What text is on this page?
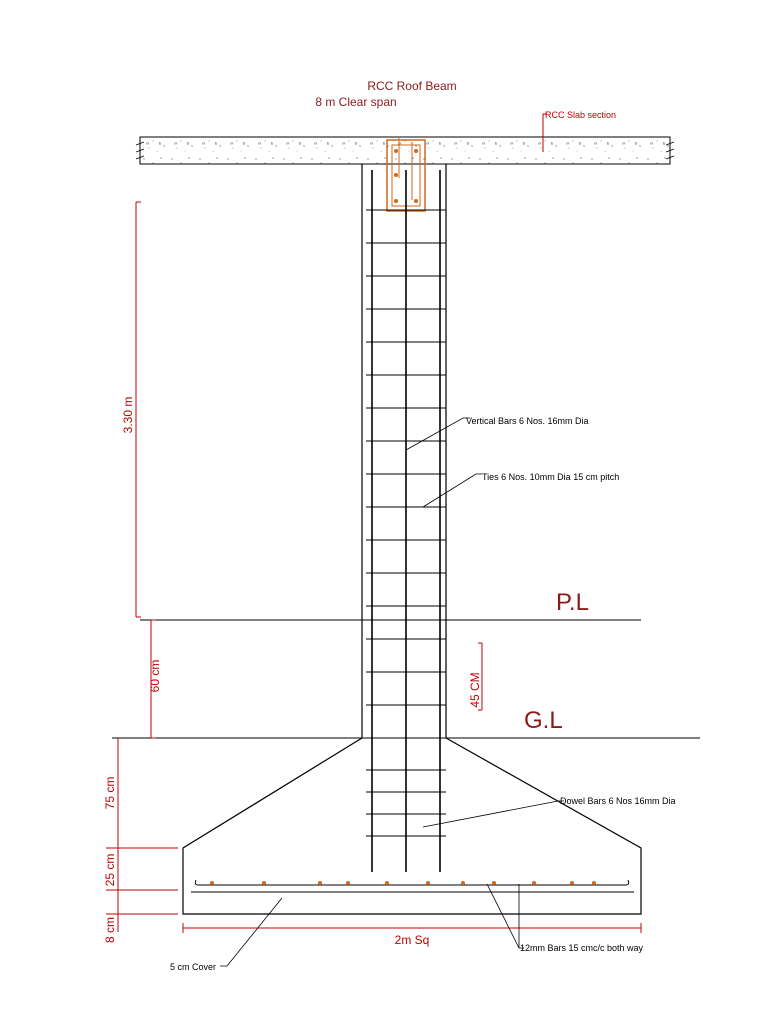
RCC Roof Beam
8 m Clear span
RCC Slab section
P.L
G.L
3.30 m
60 cm	45 CM
75 cm
25 cm
8 cm	2m Sq
Vertical Bars 6 Nos. 16mm Dia
Ties 6 Nos. 10mm Dia 15 cm pitch
Dowel Bars 6 Nos 16mm Dia
12mm Bars 15 cmc/c both way
5 cm Cover
